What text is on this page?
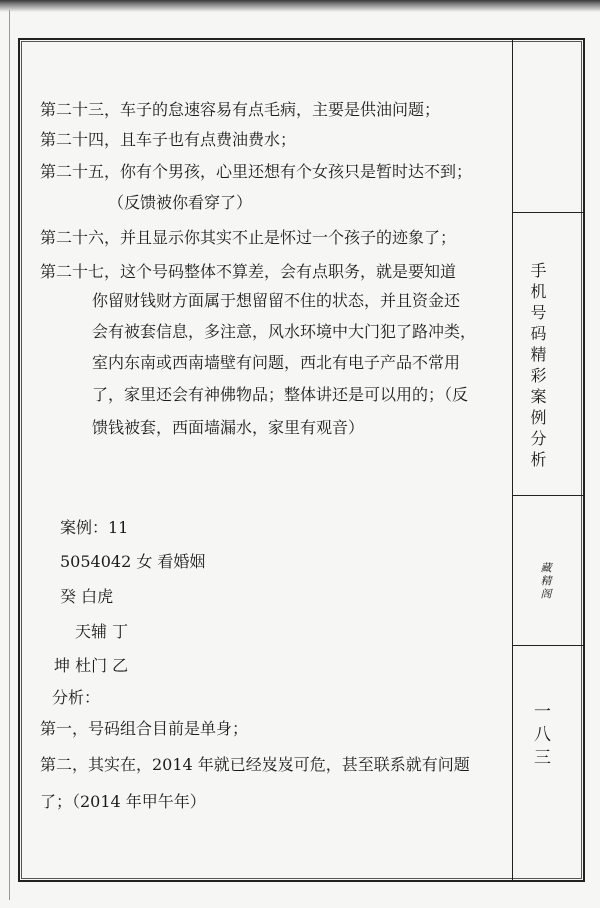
手机号码精彩案例分析
藏精阁
一八三
第二十三，车子的怠速容易有点毛病，主要是供油问题；
第二十四，且车子也有点费油费水；
第二十五，你有个男孩，心里还想有个女孩只是暂时达不到；
（反馈被你看穿了）
第二十六，并且显示你其实不止是怀过一个孩子的迹象了；
第二十七，这个号码整体不算差，会有点职务，就是要知道
你留财钱财方面属于想留留不住的状态，并且资金还
会有被套信息，多注意，风水环境中大门犯了路冲类，
室内东南或西南墙壁有问题，西北有电子产品不常用
了，家里还会有神佛物品；整体讲还是可以用的；（反
馈钱被套，西面墙漏水，家里有观音）
案例：11
5054042 女 看婚姻
癸 白虎
天辅 丁
坤 杜门 乙
分析：
第一，号码组合目前是单身；
第二，其实在，2014 年就已经岌岌可危，甚至联系就有问题
了；（2014 年甲午年）
